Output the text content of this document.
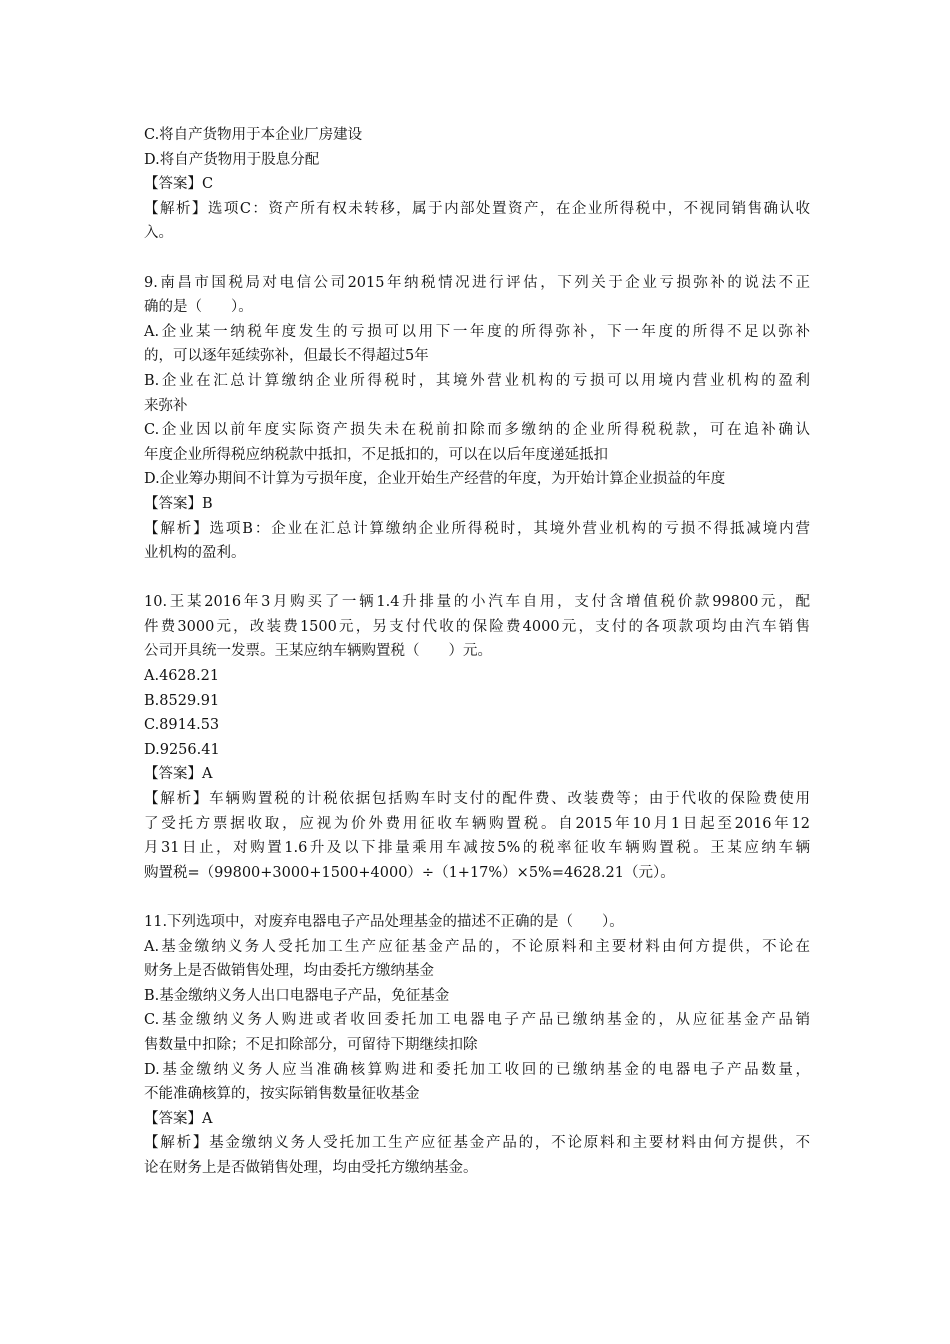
C.将自产货物用于本企业厂房建设
D.将自产货物用于股息分配
【答案】C
【解析】选项C：资产所有权未转移，属于内部处置资产，在企业所得税中，不视同销售确认收
入。
9.南昌市国税局对电信公司2015年纳税情况进行评估，下列关于企业亏损弥补的说法不正
确的是（　　）。
A.企业某一纳税年度发生的亏损可以用下一年度的所得弥补，下一年度的所得不足以弥补
的，可以逐年延续弥补，但最长不得超过5年
B.企业在汇总计算缴纳企业所得税时，其境外营业机构的亏损可以用境内营业机构的盈利
来弥补
C.企业因以前年度实际资产损失未在税前扣除而多缴纳的企业所得税税款，可在追补确认
年度企业所得税应纳税款中抵扣，不足抵扣的，可以在以后年度递延抵扣
D.企业筹办期间不计算为亏损年度，企业开始生产经营的年度，为开始计算企业损益的年度
【答案】B
【解析】选项B：企业在汇总计算缴纳企业所得税时，其境外营业机构的亏损不得抵减境内营
业机构的盈利。
10.王某2016年3月购买了一辆1.4升排量的小汽车自用，支付含增值税价款99800元，配
件费3000元，改装费1500元，另支付代收的保险费4000元，支付的各项款项均由汽车销售
公司开具统一发票。王某应纳车辆购置税（　　）元。
A.4628.21
B.8529.91
C.8914.53
D.9256.41
【答案】A
【解析】车辆购置税的计税依据包括购车时支付的配件费、改装费等；由于代收的保险费使用
了受托方票据收取，应视为价外费用征收车辆购置税。自2015年10月1日起至2016年12
月31日止，对购置1.6升及以下排量乘用车减按5%的税率征收车辆购置税。王某应纳车辆
购置税=（99800+3000+1500+4000）÷（1+17%）×5%=4628.21（元）。
11.下列选项中，对废弃电器电子产品处理基金的描述不正确的是（　　）。
A.基金缴纳义务人受托加工生产应征基金产品的，不论原料和主要材料由何方提供，不论在
财务上是否做销售处理，均由委托方缴纳基金
B.基金缴纳义务人出口电器电子产品，免征基金
C.基金缴纳义务人购进或者收回委托加工电器电子产品已缴纳基金的，从应征基金产品销
售数量中扣除；不足扣除部分，可留待下期继续扣除
D.基金缴纳义务人应当准确核算购进和委托加工收回的已缴纳基金的电器电子产品数量，
不能准确核算的，按实际销售数量征收基金
【答案】A
【解析】基金缴纳义务人受托加工生产应征基金产品的，不论原料和主要材料由何方提供，不
论在财务上是否做销售处理，均由受托方缴纳基金。
